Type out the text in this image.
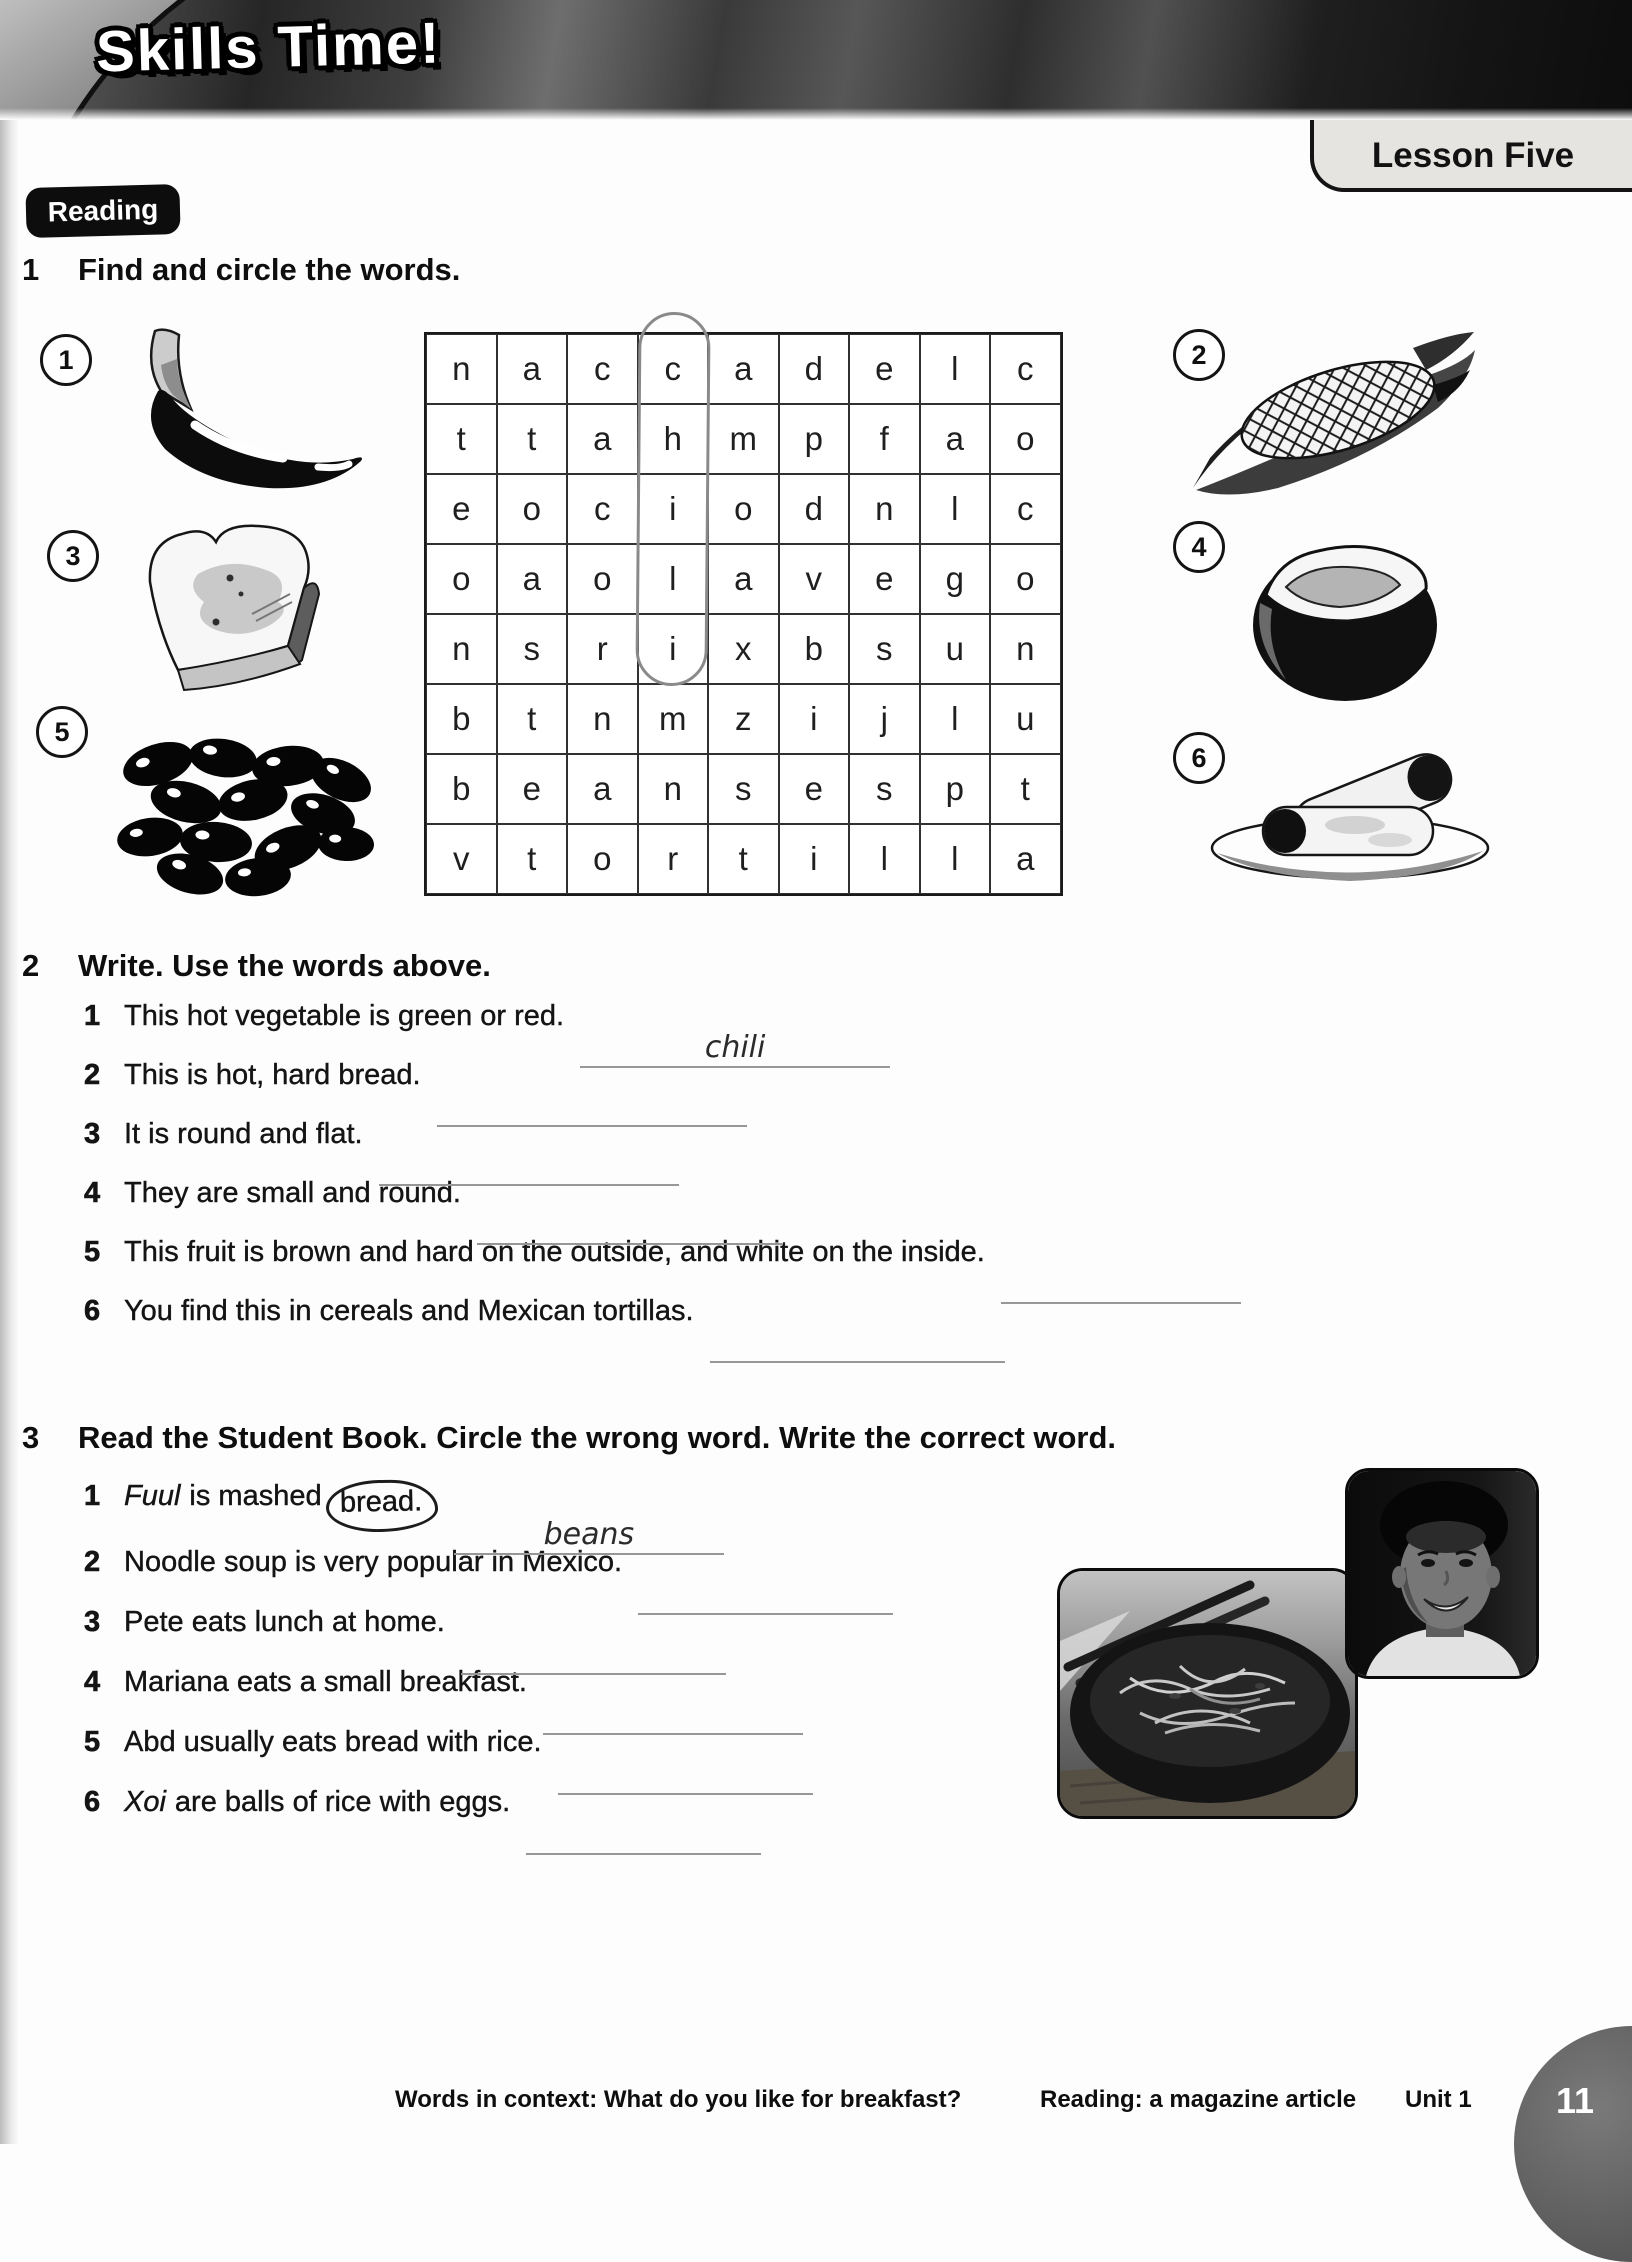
Skills Time!
Lesson Five
Reading
1	Find and circle the words.
1
3
5
2
4
6
n	a	c	c	a	d	e	l	c
t	t	a	h	m	p	f	a	o
e	o	c	i	o	d	n	l	c
o	a	o	l	a	v	e	g	o
n	s	r	i	x	b	s	u	n
b	t	n	m	z	i	j	l	u
b	e	a	n	s	e	s	p	t
v	t	o	r	t	i	l	l	a
2	Write. Use the words above.
1 This hot vegetable is green or red.
chili
2 This is hot, hard bread.
3 It is round and flat.
4 They are small and round.
5 This fruit is brown and hard on the outside, and white on the inside.
6 You find this in cereals and Mexican tortillas.
3	Read the Student Book. Circle the wrong word. Write the correct word.
1 Fuul is mashed bread.
beans
2 Noodle soup is very popular in Mexico.
3 Pete eats lunch at home.
4 Mariana eats a small breakfast.
5 Abd usually eats bread with rice.
6 Xoi are balls of rice with eggs.
Words in context: What do you like for breakfast?	Reading: a magazine article Unit 1 11
